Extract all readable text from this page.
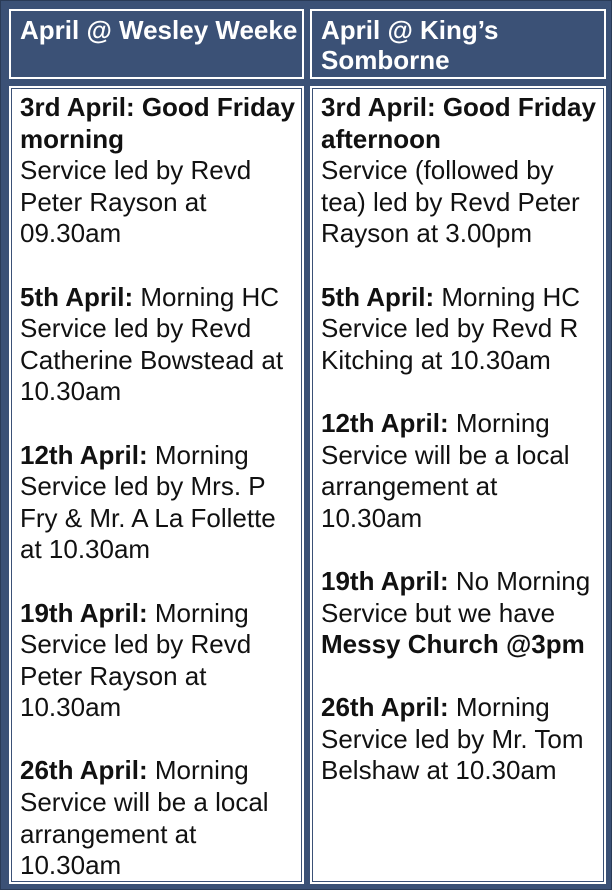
April @ Wesley Weeke April @ King’s Somborne
3rd April: Good Friday morning
Service led by Revd Peter Rayson at 09.30am
5th April: Morning HC Service led by Revd Catherine Bowstead at 10.30am
12th April: Morning Service led by Mrs. P Fry & Mr. A La Follette at 10.30am
19th April: Morning Service led by Revd Peter Rayson at 10.30am
26th April: Morning Service will be a local arrangement at 10.30am
3rd April: Good Friday afternoon
Service (followed by tea) led by Revd Peter Rayson at 3.00pm
5th April: Morning HC Service led by Revd R Kitching at 10.30am
12th April: Morning Service will be a local arrangement at 10.30am
19th April: No Morning Service but we have Messy Church @3pm
26th April: Morning Service led by Mr. Tom Belshaw at 10.30am
